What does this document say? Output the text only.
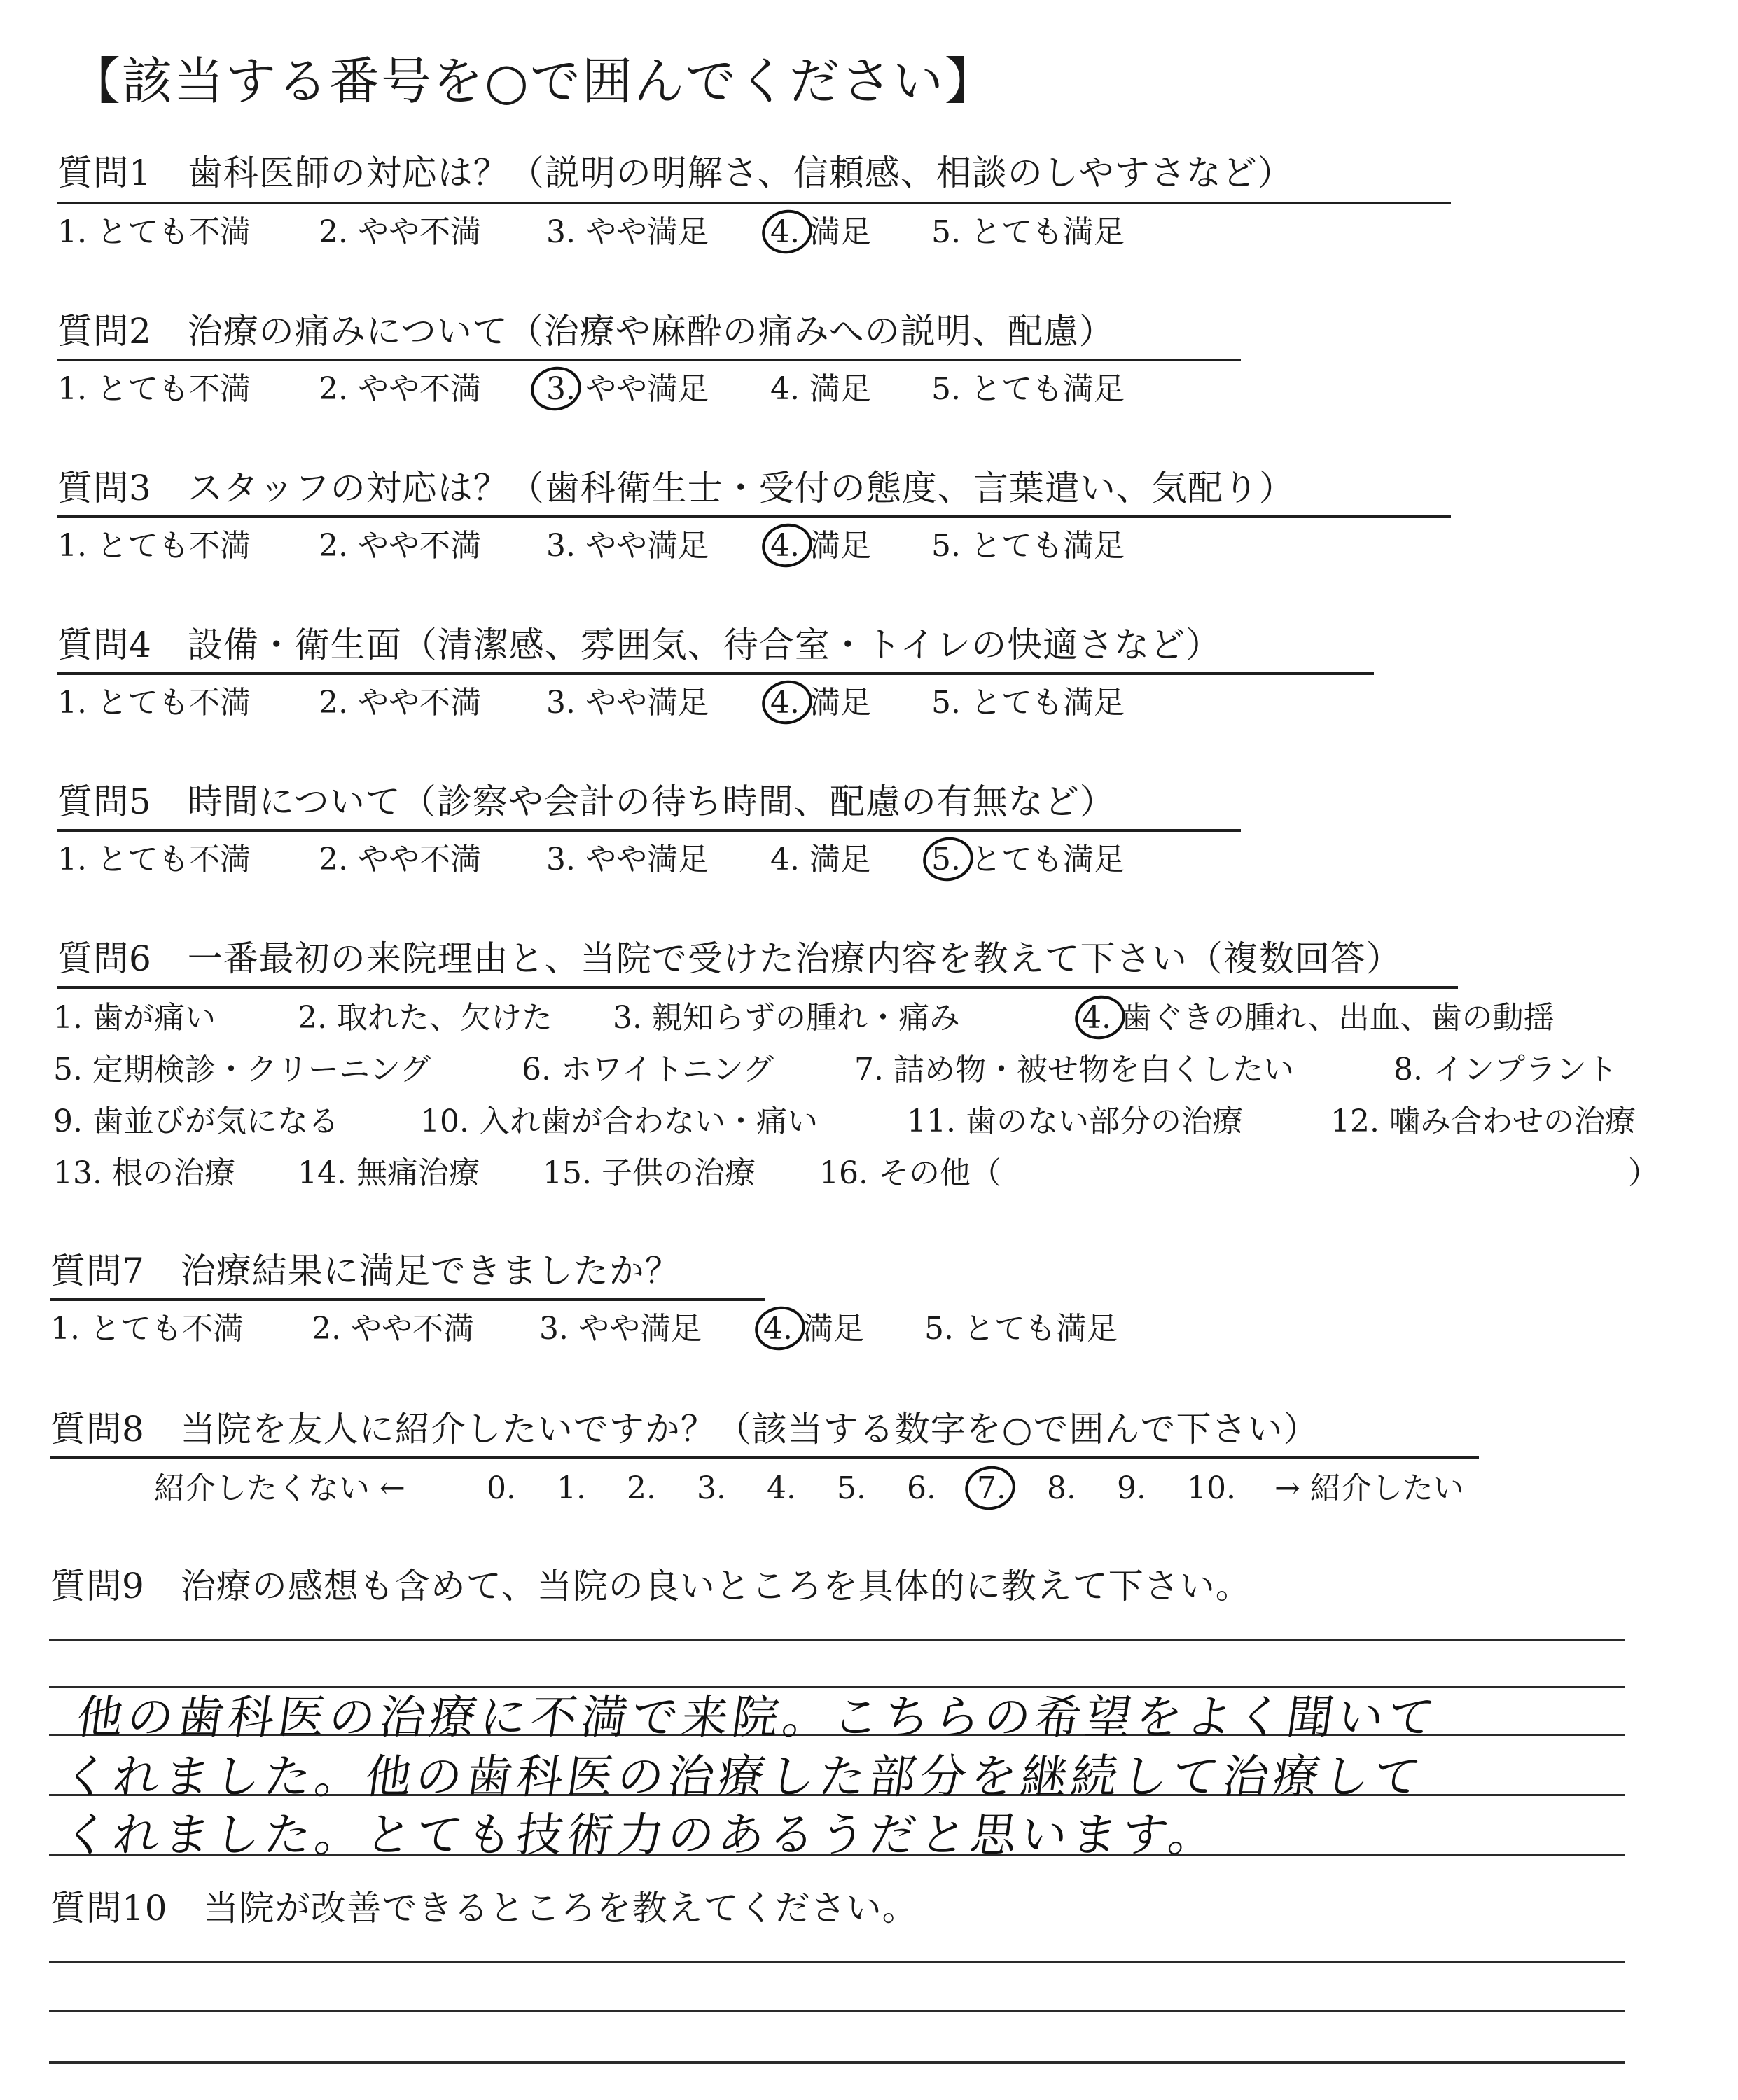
【該当する番号を○で囲んでください】
質問1　歯科医師の対応は？（説明の明解さ、信頼感、相談のしやすさなど）
1. とても不満 2. やや不満 3. やや満足 4. 満足 5. とても満足
質問2　治療の痛みについて（治療や麻酔の痛みへの説明、配慮）
1. とても不満 2. やや不満 3. やや満足 4. 満足 5. とても満足
質問3　スタッフの対応は？（歯科衛生士・受付の態度、言葉遣い、気配り）
1. とても不満 2. やや不満 3. やや満足 4. 満足 5. とても満足
質問4　設備・衛生面（清潔感、雰囲気、待合室・トイレの快適さなど）
1. とても不満 2. やや不満 3. やや満足 4. 満足 5. とても満足
質問5　時間について（診察や会計の待ち時間、配慮の有無など）
1. とても不満 2. やや不満 3. やや満足 4. 満足 5. とても満足
質問6　一番最初の来院理由と、当院で受けた治療内容を教えて下さい（複数回答）
1. 歯が痛い	2. 取れた、欠けた 3. 親知らずの腫れ・痛み	4. 歯ぐきの腫れ、出血、歯の動揺
5. 定期検診・クリーニング	6. ホワイトニング	7. 詰め物・被せ物を白くしたい	8. インプラント
9. 歯並びが気になる	10. 入れ歯が合わない・痛い	11. 歯のない部分の治療	12. 噛み合わせの治療
13. 根の治療 14. 無痛治療 15. 子供の治療 16. その他（	）
質問7　治療結果に満足できましたか？
1. とても不満 2. やや不満 3. やや満足 4. 満足 5. とても満足
質問8　当院を友人に紹介したいですか？（該当する数字を○で囲んで下さい）
紹介したくない ←	0. 1. 2. 3. 4. 5. 6. 7. 8. 9. 10. → 紹介したい
質問9　治療の感想も含めて、当院の良いところを具体的に教えて下さい。
他の歯科医の治療に不満で来院。こちらの希望をよく聞いて
くれました。他の歯科医の治療した部分を継続して治療して
くれました。とても技術力のあるうだと思います。
質問10　当院が改善できるところを教えてください。
